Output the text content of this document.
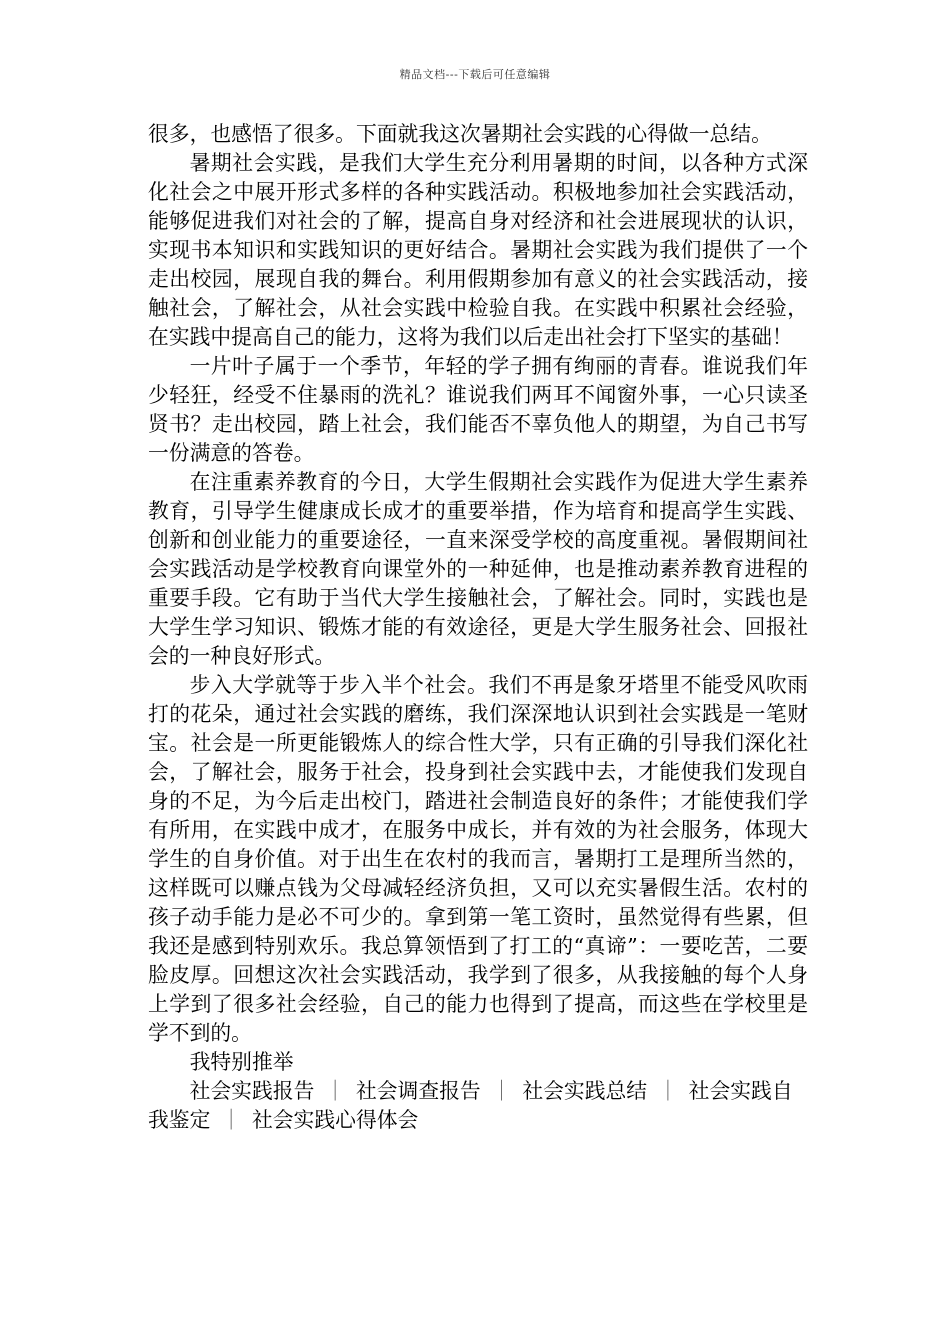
精品文档---下载后可任意编辑

很多，也感悟了很多。下面就我这次暑期社会实践的心得做一总结。

暑期社会实践，是我们大学生充分利用暑期的时间，以各种方式深化社会之中展开形式多样的各种实践活动。积极地参加社会实践活动，能够促进我们对社会的了解，提高自身对经济和社会进展现状的认识，实现书本知识和实践知识的更好结合。暑期社会实践为我们提供了一个走出校园，展现自我的舞台。利用假期参加有意义的社会实践活动，接触社会，了解社会，从社会实践中检验自我。在实践中积累社会经验，在实践中提高自己的能力，这将为我们以后走出社会打下坚实的基础！

一片叶子属于一个季节，年轻的学子拥有绚丽的青春。谁说我们年少轻狂，经受不住暴雨的洗礼？谁说我们两耳不闻窗外事，一心只读圣贤书？走出校园，踏上社会，我们能否不辜负他人的期望，为自己书写一份满意的答卷。

在注重素养教育的今日，大学生假期社会实践作为促进大学生素养教育，引导学生健康成长成才的重要举措，作为培育和提高学生实践、创新和创业能力的重要途径，一直来深受学校的高度重视。暑假期间社会实践活动是学校教育向课堂外的一种延伸，也是推动素养教育进程的重要手段。它有助于当代大学生接触社会，了解社会。同时，实践也是大学生学习知识、锻炼才能的有效途径，更是大学生服务社会、回报社会的一种良好形式。

步入大学就等于步入半个社会。我们不再是象牙塔里不能受风吹雨打的花朵，通过社会实践的磨练，我们深深地认识到社会实践是一笔财宝。社会是一所更能锻炼人的综合性大学，只有正确的引导我们深化社会，了解社会，服务于社会，投身到社会实践中去，才能使我们发现自身的不足，为今后走出校门，踏进社会制造良好的条件；才能使我们学有所用，在实践中成才，在服务中成长，并有效的为社会服务，体现大学生的自身价值。对于出生在农村的我而言，暑期打工是理所当然的，这样既可以赚点钱为父母减轻经济负担，又可以充实暑假生活。农村的孩子动手能力是必不可少的。拿到第一笔工资时，虽然觉得有些累，但我还是感到特别欢乐。我总算领悟到了打工的“真谛”：一要吃苦，二要脸皮厚。回想这次社会实践活动，我学到了很多，从我接触的每个人身上学到了很多社会经验，自己的能力也得到了提高，而这些在学校里是学不到的。

我特别推举

社会实践报告 ｜ 社会调查报告 ｜ 社会实践总结 ｜ 社会实践自我鉴定 ｜ 社会实践心得体会
